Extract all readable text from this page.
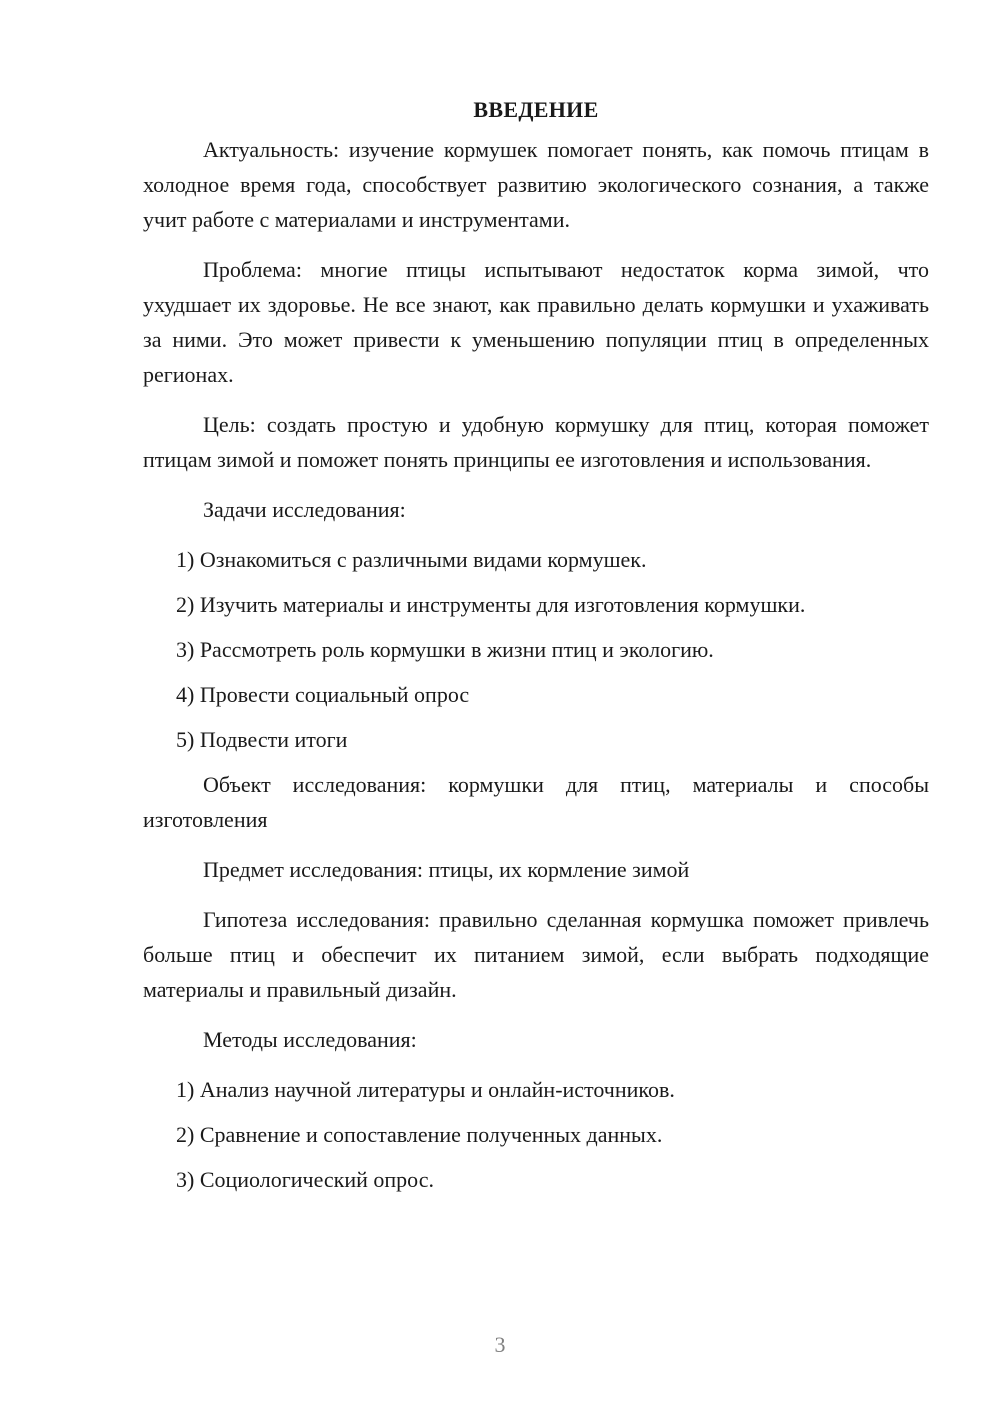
ВВЕДЕНИЕ

Актуальность: изучение кормушек помогает понять, как помочь птицам в холодное время года, способствует развитию экологического сознания, а также учит работе с материалами и инструментами.

Проблема: многие птицы испытывают недостаток корма зимой, что ухудшает их здоровье. Не все знают, как правильно делать кормушки и ухаживать за ними. Это может привести к уменьшению популяции птиц в определенных регионах.

Цель: создать простую и удобную кормушку для птиц, которая поможет птицам зимой и поможет понять принципы ее изготовления и использования.

Задачи исследования:

1) Ознакомиться с различными видами кормушек.
2) Изучить материалы и инструменты для изготовления кормушки.
3) Рассмотреть роль кормушки в жизни птиц и экологию.
4) Провести социальный опрос
5) Подвести итоги

Объект исследования: кормушки для птиц, материалы и способы изготовления

Предмет исследования: птицы, их кормление зимой

Гипотеза исследования: правильно сделанная кормушка поможет привлечь больше птиц и обеспечит их питанием зимой, если выбрать подходящие материалы и правильный дизайн.

Методы исследования:

1) Анализ научной литературы и онлайн-источников.
2) Сравнение и сопоставление полученных данных.
3) Социологический опрос.
3
